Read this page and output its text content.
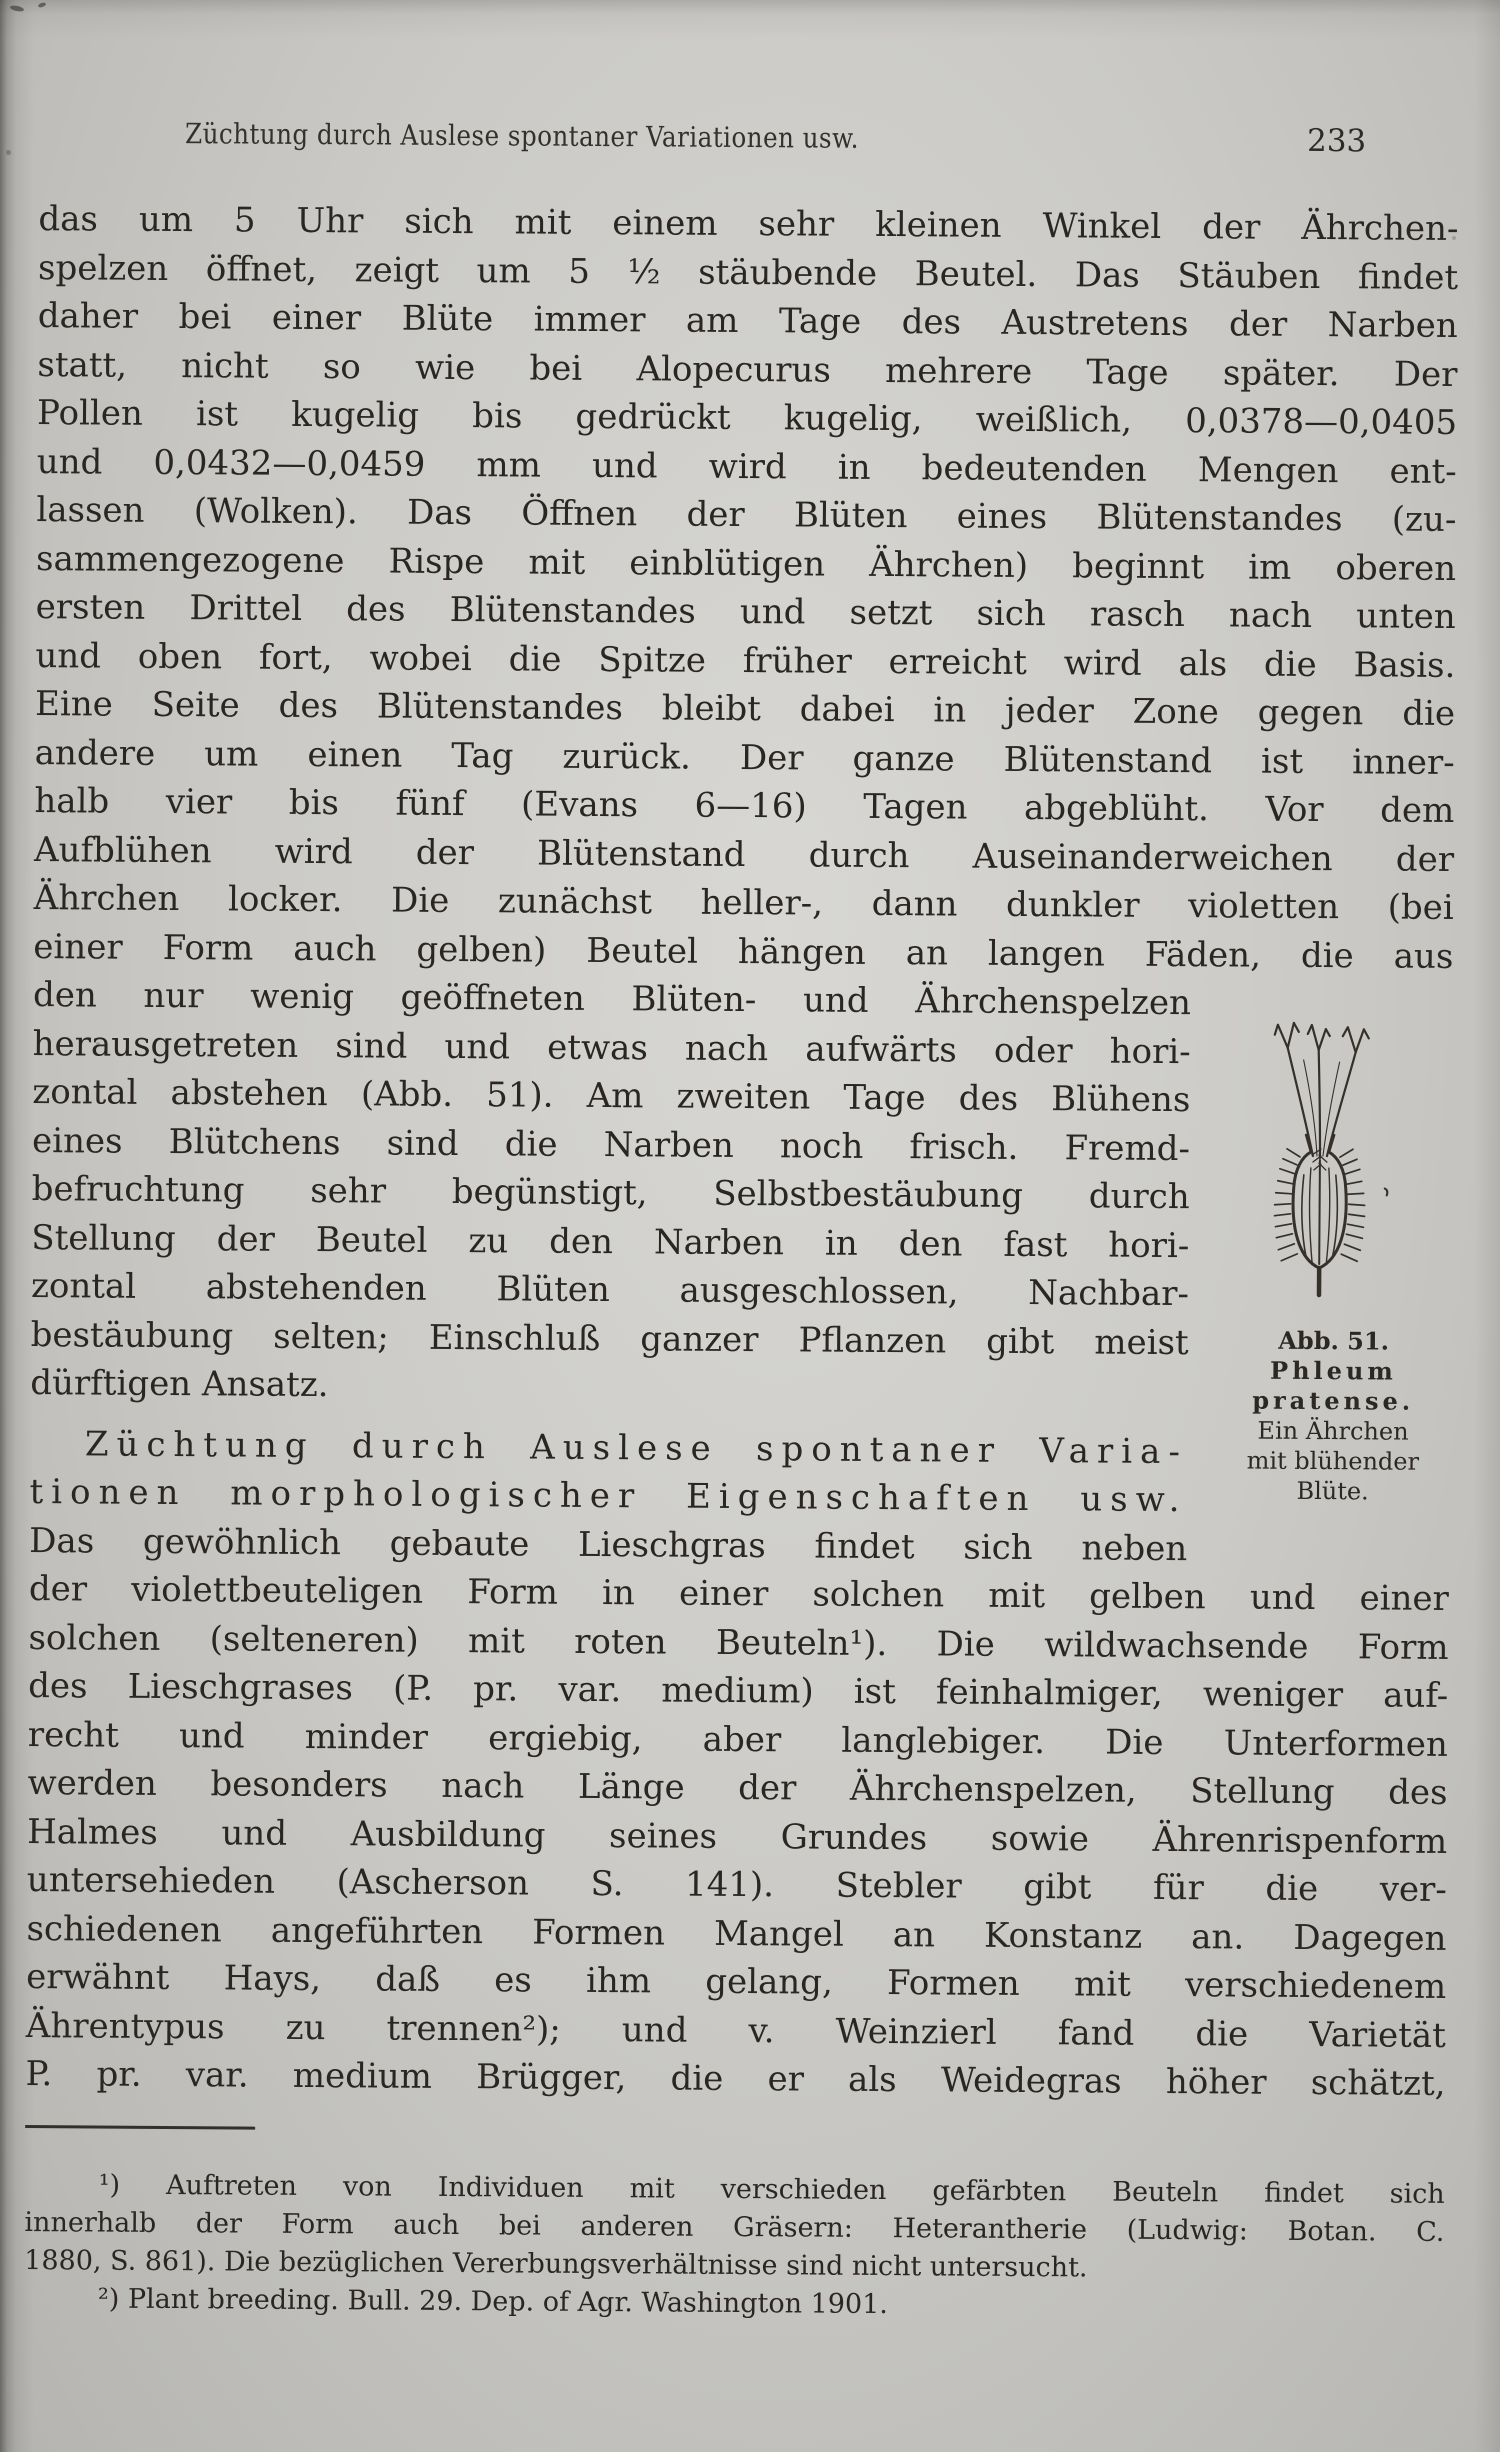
Züchtung durch Auslese spontaner Variationen usw.	233
das um 5 Uhr sich mit einem sehr kleinen Winkel der Ährchen-
spelzen öffnet, zeigt um 5 ½ stäubende Beutel. Das Stäuben findet
daher bei einer Blüte immer am Tage des Austretens der Narben
statt, nicht so wie bei Alopecurus mehrere Tage später. Der
Pollen ist kugelig bis gedrückt kugelig, weißlich, 0,0378—0,0405
und 0,0432—0,0459 mm und wird in bedeutenden Mengen ent-
lassen (Wolken). Das Öffnen der Blüten eines Blütenstandes (zu-
sammengezogene Rispe mit einblütigen Ährchen) beginnt im oberen
ersten Drittel des Blütenstandes und setzt sich rasch nach unten
und oben fort, wobei die Spitze früher erreicht wird als die Basis.
Eine Seite des Blütenstandes bleibt dabei in jeder Zone gegen die
andere um einen Tag zurück. Der ganze Blütenstand ist inner-
halb vier bis fünf (Evans 6—16) Tagen abgeblüht. Vor dem
Aufblühen wird der Blütenstand durch Auseinanderweichen der
Ährchen locker. Die zunächst heller-, dann dunkler violetten (bei
einer Form auch gelben) Beutel hängen an langen Fäden, die aus
Abb. 51.
Phleum
pratense.
Ein Ährchen
mit blühender
Blüte.
den nur wenig geöffneten Blüten- und Ährchenspelzen
herausgetreten sind und etwas nach aufwärts oder hori-
zontal abstehen (Abb. 51). Am zweiten Tage des Blühens
eines Blütchens sind die Narben noch frisch. Fremd-
befruchtung sehr begünstigt, Selbstbestäubung durch
Stellung der Beutel zu den Narben in den fast hori-
zontal abstehenden Blüten ausgeschlossen, Nachbar-
bestäubung selten; Einschluß ganzer Pflanzen gibt meist
dürftigen Ansatz.
Züchtung durch Auslese spontaner Varia-
tionen morphologischer Eigenschaften usw.
Das gewöhnlich gebaute Lieschgras findet sich neben
der violettbeuteligen Form in einer solchen mit gelben und einer
solchen (selteneren) mit roten Beuteln¹). Die wildwachsende Form
des Lieschgrases (P. pr. var. medium) ist feinhalmiger, weniger auf-
recht und minder ergiebig, aber langlebiger. Die Unterformen
werden besonders nach Länge der Ährchenspelzen, Stellung des
Halmes und Ausbildung seines Grundes sowie Ährenrispenform
untersehieden (Ascherson S. 141). Stebler gibt für die ver-
schiedenen angeführten Formen Mangel an Konstanz an. Dagegen
erwähnt Hays, daß es ihm gelang, Formen mit verschiedenem
Ährentypus zu trennen²); und v. Weinzierl fand die Varietät
P. pr. var. medium Brügger, die er als Weidegras höher schätzt,
¹) Auftreten von Individuen mit verschieden gefärbten Beuteln findet sich
innerhalb der Form auch bei anderen Gräsern: Heterantherie (Ludwig: Botan. C.
1880, S. 861). Die bezüglichen Vererbungsverhältnisse sind nicht untersucht.
²) Plant breeding. Bull. 29. Dep. of Agr. Washington 1901.
